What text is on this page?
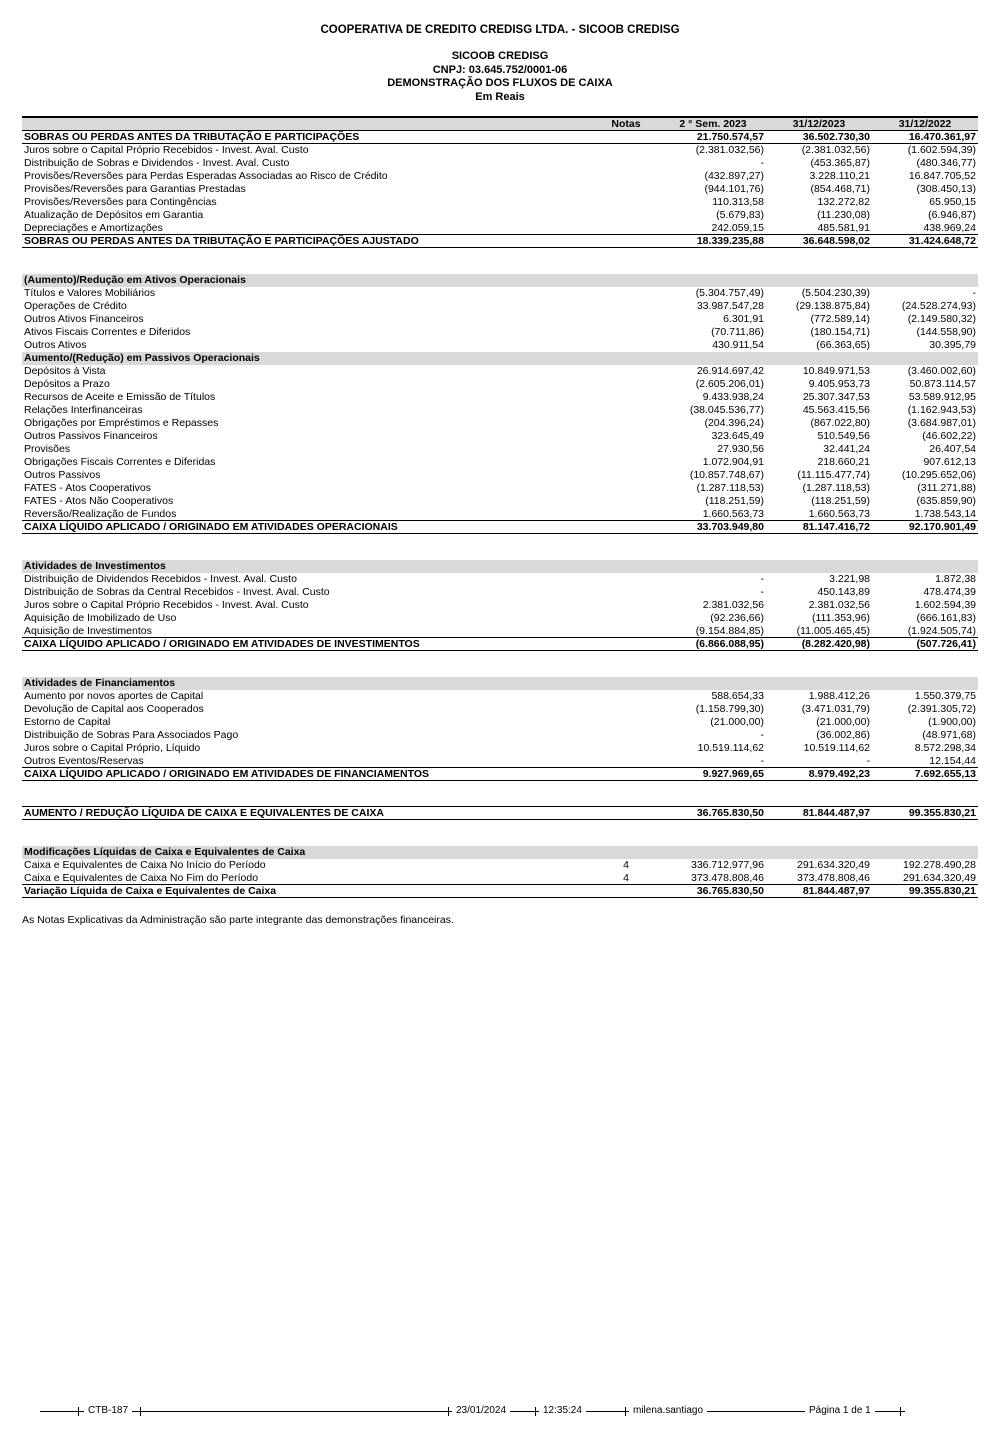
COOPERATIVA DE CREDITO CREDISG LTDA. - SICOOB CREDISG
SICOOB CREDISG
CNPJ: 03.645.752/0001-06
DEMONSTRAÇÃO DOS FLUXOS DE CAIXA
Em Reais
	Notas	2 ° Sem. 2023	31/12/2023	31/12/2022
SOBRAS OU PERDAS ANTES DA TRIBUTAÇÃO E PARTICIPAÇÕES		21.750.574,57	36.502.730,30	16.470.361,97
Juros sobre o Capital Próprio Recebidos - Invest. Aval. Custo		(2.381.032,56)	(2.381.032,56)	(1.602.594,39)
Distribuição de Sobras e Dividendos - Invest. Aval. Custo		-	(453.365,87)	(480.346,77)
Provisões/Reversões para Perdas Esperadas Associadas ao Risco de Crédito		(432.897,27)	3.228.110,21	16.847.705,52
Provisões/Reversões para Garantias Prestadas		(944.101,76)	(854.468,71)	(308.450,13)
Provisões/Reversões para Contingências		110.313,58	132.272,82	65.950,15
Atualização de Depósitos em Garantia		(5.679,83)	(11.230,08)	(6.946,87)
Depreciações e Amortizações		242.059,15	485.581,91	438.969,24
SOBRAS OU PERDAS ANTES DA TRIBUTAÇÃO E PARTICIPAÇÕES AJUSTADO		18.339.235,88	36.648.598,02	31.424.648,72

(Aumento)/Redução em Ativos Operacionais				
Títulos e Valores Mobiliários		(5.304.757,49)	(5.504.230,39)	-
Operações de Crédito		33.987.547,28	(29.138.875,84)	(24.528.274,93)
Outros Ativos Financeiros		6.301,91	(772.589,14)	(2.149.580,32)
Ativos Fiscais Correntes e Diferidos		(70.711,86)	(180.154,71)	(144.558,90)
Outros Ativos		430.911,54	(66.363,65)	30.395,79
Aumento/(Redução) em Passivos Operacionais				
Depósitos à Vista		26.914.697,42	10.849.971,53	(3.460.002,60)
Depósitos a Prazo		(2.605.206,01)	9.405.953,73	50.873.114,57
Recursos de Aceite e Emissão de Títulos		9.433.938,24	25.307.347,53	53.589.912,95
Relações Interfinanceiras		(38.045.536,77)	45.563.415,56	(1.162.943,53)
Obrigações por Empréstimos e Repasses		(204.396,24)	(867.022,80)	(3.684.987,01)
Outros Passivos Financeiros		323.645,49	510.549,56	(46.602,22)
Provisões		27.930,56	32.441,24	26.407,54
Obrigações Fiscais Correntes e Diferidas		1.072.904,91	218.660,21	907.612,13
Outros Passivos		(10.857.748,67)	(11.115.477,74)	(10.295.652,06)
FATES - Atos Cooperativos		(1.287.118,53)	(1.287.118,53)	(311.271,88)
FATES - Atos Não Cooperativos		(118.251,59)	(118.251,59)	(635.859,90)
Reversão/Realização de Fundos		1.660.563,73	1.660.563,73	1.738.543,14
CAIXA LÍQUIDO APLICADO / ORIGINADO EM ATIVIDADES OPERACIONAIS		33.703.949,80	81.147.416,72	92.170.901,49

Atividades de Investimentos				
Distribuição de Dividendos Recebidos - Invest. Aval. Custo		-	3.221,98	1.872,38
Distribuição de Sobras da Central Recebidos - Invest. Aval. Custo		-	450.143,89	478.474,39
Juros sobre o Capital Próprio Recebidos - Invest. Aval. Custo		2.381.032,56	2.381.032,56	1.602.594,39
Aquisição de Imobilizado de Uso		(92.236,66)	(111.353,96)	(666.161,83)
Aquisição de Investimentos		(9.154.884,85)	(11.005.465,45)	(1.924.505,74)
CAIXA LÍQUIDO APLICADO / ORIGINADO EM ATIVIDADES DE INVESTIMENTOS		(6.866.088,95)	(8.282.420,98)	(507.726,41)

Atividades de Financiamentos				
Aumento por novos aportes de Capital		588.654,33	1.988.412,26	1.550.379,75
Devolução de Capital aos Cooperados		(1.158.799,30)	(3.471.031,79)	(2.391.305,72)
Estorno de Capital		(21.000,00)	(21.000,00)	(1.900,00)
Distribuição de Sobras Para Associados Pago		-	(36.002,86)	(48.971,68)
Juros sobre o Capital Próprio, Líquido		10.519.114,62	10.519.114,62	8.572.298,34
Outros Eventos/Reservas		-	-	12.154,44
CAIXA LÍQUIDO APLICADO / ORIGINADO EM ATIVIDADES DE FINANCIAMENTOS		9.927.969,65	8.979.492,23	7.692.655,13

AUMENTO / REDUÇÃO LÍQUIDA DE CAIXA E EQUIVALENTES DE CAIXA		36.765.830,50	81.844.487,97	99.355.830,21

Modificações Líquidas de Caixa e Equivalentes de Caixa				
Caixa e Equivalentes de Caixa No Início do Período	4	336.712.977,96	291.634.320,49	192.278.490,28
Caixa e Equivalentes de Caixa No Fim do Período	4	373.478.808,46	373.478.808,46	291.634.320,49
Variação Líquida de Caixa e Equivalentes de Caixa		36.765.830,50	81.844.487,97	99.355.830,21

As Notas Explicativas da Administração são parte integrante das demonstrações financeiras.

CTB-187	23/01/2024	12:35:24	milena.santiago	Página 1 de 1
